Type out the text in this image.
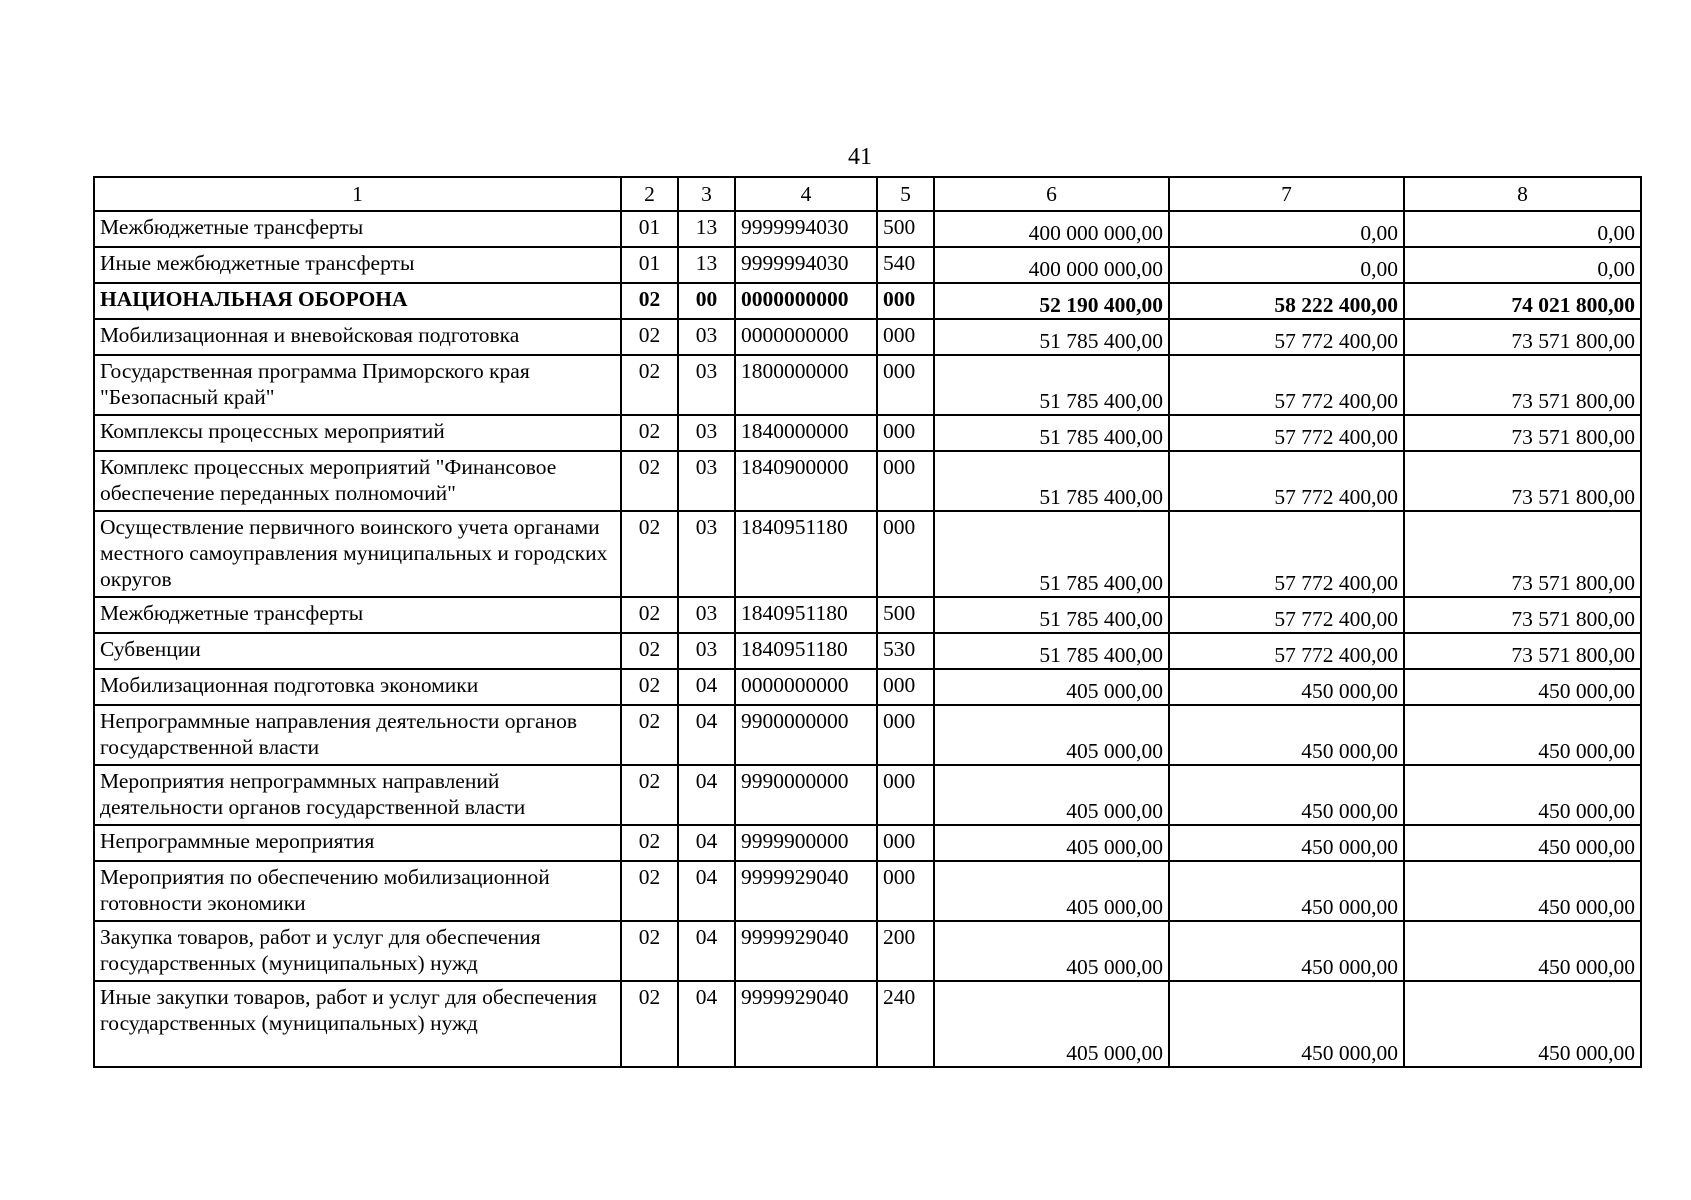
41
1	2	3	4	5	6	7	8
Межбюджетные трансферты	01	13	9999994030	500	400 000 000,00	0,00	0,00
Иные межбюджетные трансферты	01	13	9999994030	540	400 000 000,00	0,00	0,00
НАЦИОНАЛЬНАЯ ОБОРОНА	02	00	0000000000	000	52 190 400,00	58 222 400,00	74 021 800,00
Мобилизационная и вневойсковая подготовка	02	03	0000000000	000	51 785 400,00	57 772 400,00	73 571 800,00
Государственная программа Приморского края "Безопасный край"	02	03	1800000000	000	51 785 400,00	57 772 400,00	73 571 800,00
Комплексы процессных мероприятий	02	03	1840000000	000	51 785 400,00	57 772 400,00	73 571 800,00
Комплекс процессных мероприятий "Финансовое обеспечение переданных полномочий"	02	03	1840900000	000	51 785 400,00	57 772 400,00	73 571 800,00
Осуществление первичного воинского учета органами местного самоуправления муниципальных и городских округов	02	03	1840951180	000	51 785 400,00	57 772 400,00	73 571 800,00
Межбюджетные трансферты	02	03	1840951180	500	51 785 400,00	57 772 400,00	73 571 800,00
Субвенции	02	03	1840951180	530	51 785 400,00	57 772 400,00	73 571 800,00
Мобилизационная подготовка экономики	02	04	0000000000	000	405 000,00	450 000,00	450 000,00
Непрограммные направления деятельности органов государственной власти	02	04	9900000000	000	405 000,00	450 000,00	450 000,00
Мероприятия непрограммных направлений деятельности органов государственной власти	02	04	9990000000	000	405 000,00	450 000,00	450 000,00
Непрограммные мероприятия	02	04	9999900000	000	405 000,00	450 000,00	450 000,00
Мероприятия по обеспечению мобилизационной готовности экономики	02	04	9999929040	000	405 000,00	450 000,00	450 000,00
Закупка товаров, работ и услуг для обеспечения государственных (муниципальных) нужд	02	04	9999929040	200	405 000,00	450 000,00	450 000,00
Иные закупки товаров, работ и услуг для обеспечения государственных (муниципальных) нужд	02	04	9999929040	240	405 000,00	450 000,00	450 000,00
